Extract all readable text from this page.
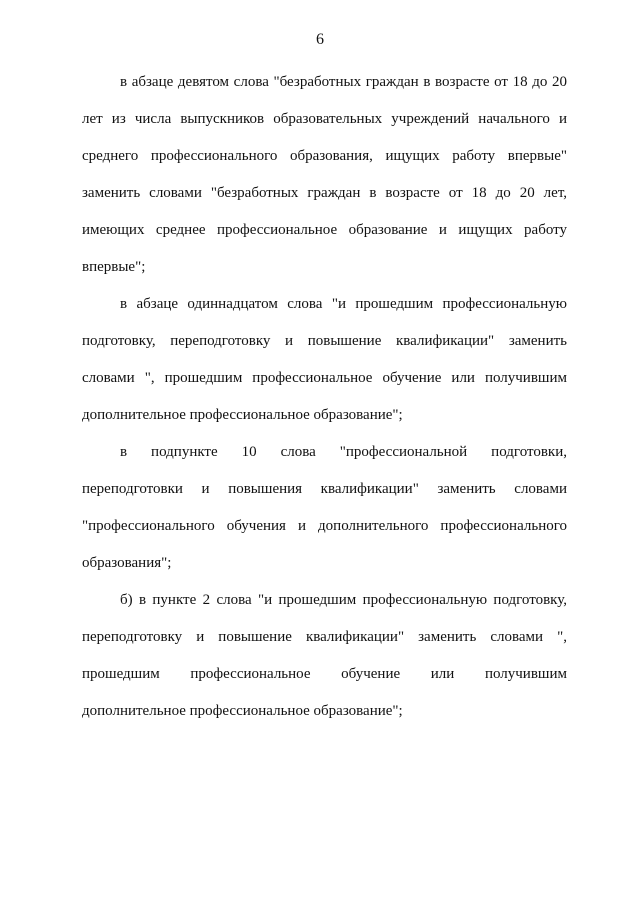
6

в абзаце девятом слова "безработных граждан в возрасте от 18 до 20 лет из числа выпускников образовательных учреждений начального и среднего профессионального образования, ищущих работу впервые" заменить словами "безработных граждан в возрасте от 18 до 20 лет, имеющих среднее профессиональное образование и ищущих работу впервые";

в абзаце одиннадцатом слова "и прошедшим профессиональную подготовку, переподготовку и повышение квалификации" заменить словами ", прошедшим профессиональное обучение или получившим дополнительное профессиональное образование";

в подпункте 10 слова "профессиональной подготовки, переподготовки и повышения квалификации" заменить словами "профессионального обучения и дополнительного профессионального образования";

б) в пункте 2 слова "и прошедшим профессиональную подготовку, переподготовку и повышение квалификации" заменить словами ", прошедшим профессиональное обучение или получившим дополнительное профессиональное образование";
